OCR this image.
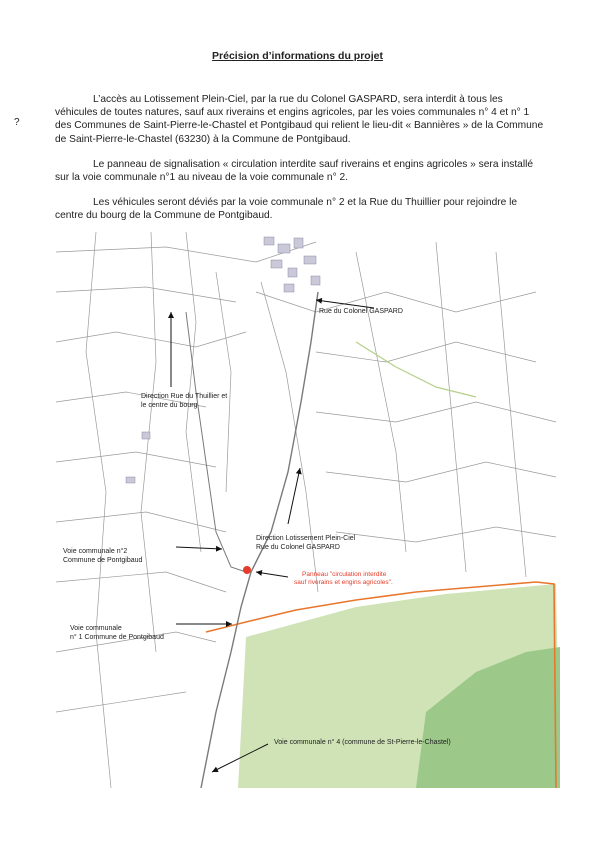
Précision d’informations du projet
?

L’accès au Lotissement Plein-Ciel, par la rue du Colonel GASPARD, sera interdit à tous les véhicules de toutes natures, sauf aux riverains et engins agricoles, par les voies communales n° 4 et n° 1 des Communes de Saint-Pierre-le-Chastel et Pontgibaud qui relient le lieu-dit « Bannières » de la Commune de Saint-Pierre-le-Chastel (63230) à la Commune de Pontgibaud.

Le panneau de signalisation « circulation interdite sauf riverains et engins agricoles » sera installé sur la voie communale n°1 au niveau de la voie communale n° 2.

Les véhicules seront déviés par la voie communale n° 2 et la Rue du Thuillier pour rejoindre le centre du bourg de la Commune de Pontgibaud.

Rue du Colonel GASPARD
Direction Rue du Thuillier et
le centre du bourg
Direction Lotissement Plein-Ciel
Rue du Colonel GASPARD
Voie communale n°2
Commune de Pontgibaud
Panneau "circulation interdite
sauf riverains et engins agricoles".
Voie communale
n° 1 Commune de Pontgibaud
Voie communale n° 4 (commune de St-Pierre-le-Chastel)
